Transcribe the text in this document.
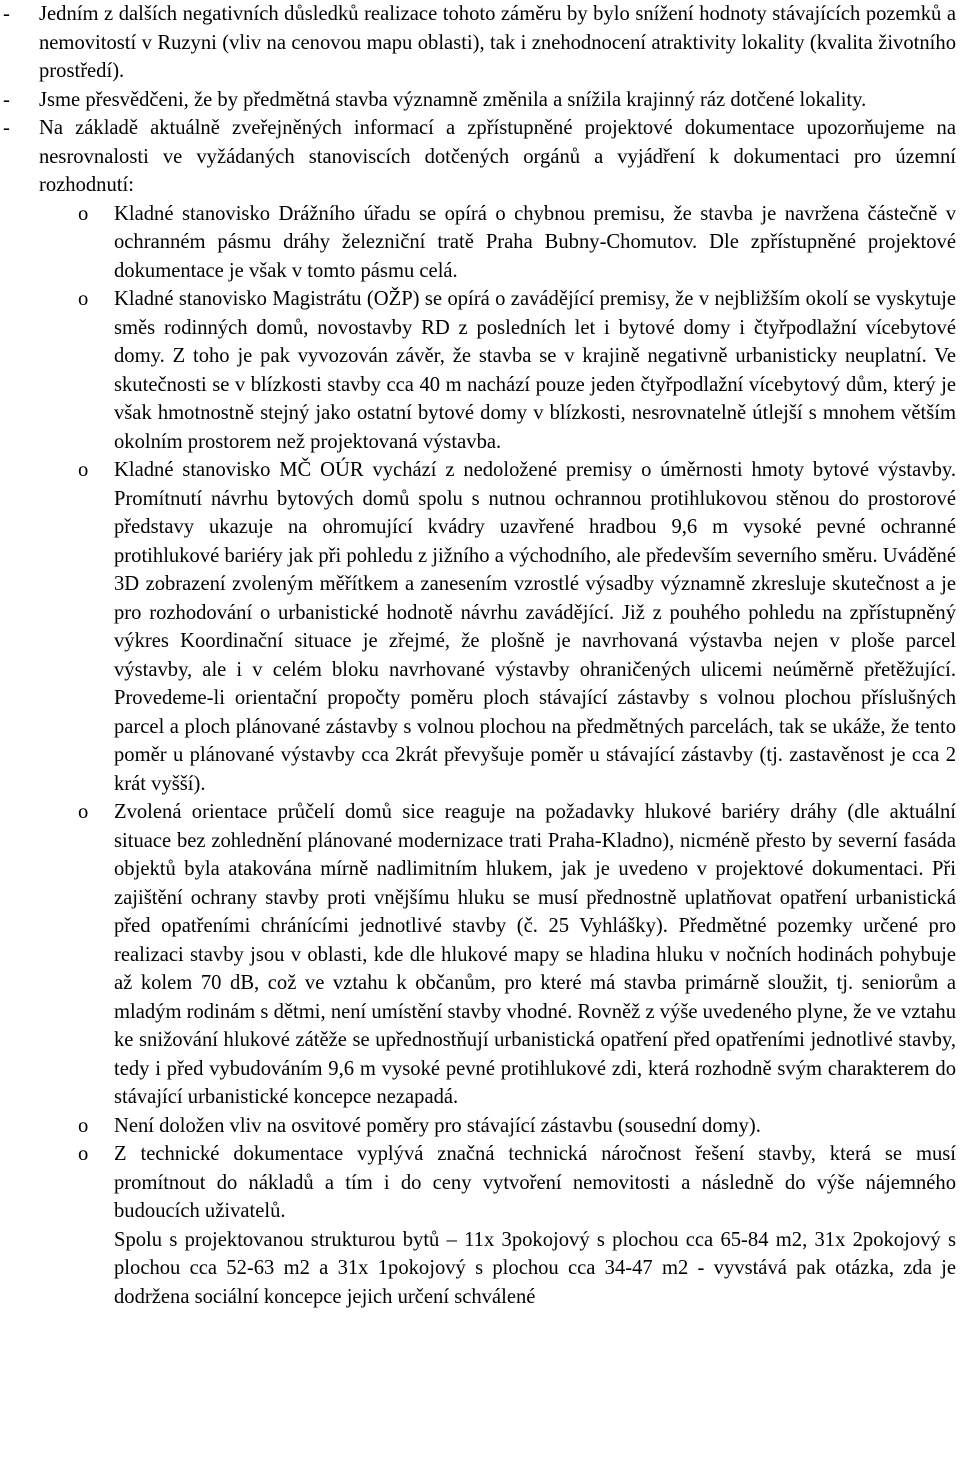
- Jedním z dalších negativních důsledků realizace tohoto záměru by bylo snížení hodnoty stávajících pozemků a nemovitostí v Ruzyni (vliv na cenovou mapu oblasti), tak i znehodnocení atraktivity lokality (kvalita životního prostředí).
- Jsme přesvědčeni, že by předmětná stavba významně změnila a snížila krajinný ráz dotčené lokality.
- Na základě aktuálně zveřejněných informací a zpřístupněné projektové dokumentace upozorňujeme na nesrovnalosti ve vyžádaných stanoviscích dotčených orgánů a vyjádření k dokumentaci pro územní rozhodnutí:
o Kladné stanovisko Drážního úřadu se opírá o chybnou premisu, že stavba je navržena částečně v ochranném pásmu dráhy železniční tratě Praha Bubny-Chomutov. Dle zpřístupněné projektové dokumentace je však v tomto pásmu celá.
o Kladné stanovisko Magistrátu (OŽP) se opírá o zavádějící premisy, že v nejbližším okolí se vyskytuje směs rodinných domů, novostavby RD z posledních let i bytové domy i čtyřpodlažní vícebytové domy. Z toho je pak vyvozován závěr, že stavba se v krajině negativně urbanisticky neuplatní. Ve skutečnosti se v blízkosti stavby cca 40 m nachází pouze jeden čtyřpodlažní vícebytový dům, který je však hmotnostně stejný jako ostatní bytové domy v blízkosti, nesrovnatelně útlejší s mnohem větším okolním prostorem než projektovaná výstavba.
o Kladné stanovisko MČ OÚR vychází z nedoložené premisy o úměrnosti hmoty bytové výstavby. Promítnutí návrhu bytových domů spolu s nutnou ochrannou protihlukovou stěnou do prostorové představy ukazuje na ohromující kvádry uzavřené hradbou 9,6 m vysoké pevné ochranné protihlukové bariéry jak při pohledu z jižního a východního, ale především severního směru. Uváděné 3D zobrazení zvoleným měřítkem a zanesením vzrostlé výsadby významně zkresluje skutečnost a je pro rozhodování o urbanistické hodnotě návrhu zavádějící. Již z pouhého pohledu na zpřístupněný výkres Koordinační situace je zřejmé, že plošně je navrhovaná výstavba nejen v ploše parcel výstavby, ale i v celém bloku navrhované výstavby ohraničených ulicemi neúměrně přetěžující. Provedeme-li orientační propočty poměru ploch stávající zástavby s volnou plochou příslušných parcel a ploch plánované zástavby s volnou plochou na předmětných parcelách, tak se ukáže, že tento poměr u plánované výstavby cca 2krát převyšuje poměr u stávající zástavby (tj. zastavěnost je cca 2 krát vyšší).
o Zvolená orientace průčelí domů sice reaguje na požadavky hlukové bariéry dráhy (dle aktuální situace bez zohlednění plánované modernizace trati Praha-Kladno), nicméně přesto by severní fasáda objektů byla atakována mírně nadlimitním hlukem, jak je uvedeno v projektové dokumentaci. Při zajištění ochrany stavby proti vnějšímu hluku se musí přednostně uplatňovat opatření urbanistická před opatřeními chránícími jednotlivé stavby (č. 25 Vyhlášky). Předmětné pozemky určené pro realizaci stavby jsou v oblasti, kde dle hlukové mapy se hladina hluku v nočních hodinách pohybuje až kolem 70 dB, což ve vztahu k občanům, pro které má stavba primárně sloužit, tj. seniorům a mladým rodinám s dětmi, není umístění stavby vhodné. Rovněž z výše uvedeného plyne, že ve vztahu ke snižování hlukové zátěže se upřednostňují urbanistická opatření před opatřeními jednotlivé stavby, tedy i před vybudováním 9,6 m vysoké pevné protihlukové zdi, která rozhodně svým charakterem do stávající urbanistické koncepce nezapadá.
o Není doložen vliv na osvitové poměry pro stávající zástavbu (sousední domy).
o Z technické dokumentace vyplývá značná technická náročnost řešení stavby, která se musí promítnout do nákladů a tím i do ceny vytvoření nemovitosti a následně do výše nájemného budoucích uživatelů.
Spolu s projektovanou strukturou bytů – 11x 3pokojový s plochou cca 65-84 m2, 31x 2pokojový s plochou cca 52-63 m2 a 31x 1pokojový s plochou cca 34-47 m2 - vyvstává pak otázka, zda je dodržena sociální koncepce jejich určení schválené
